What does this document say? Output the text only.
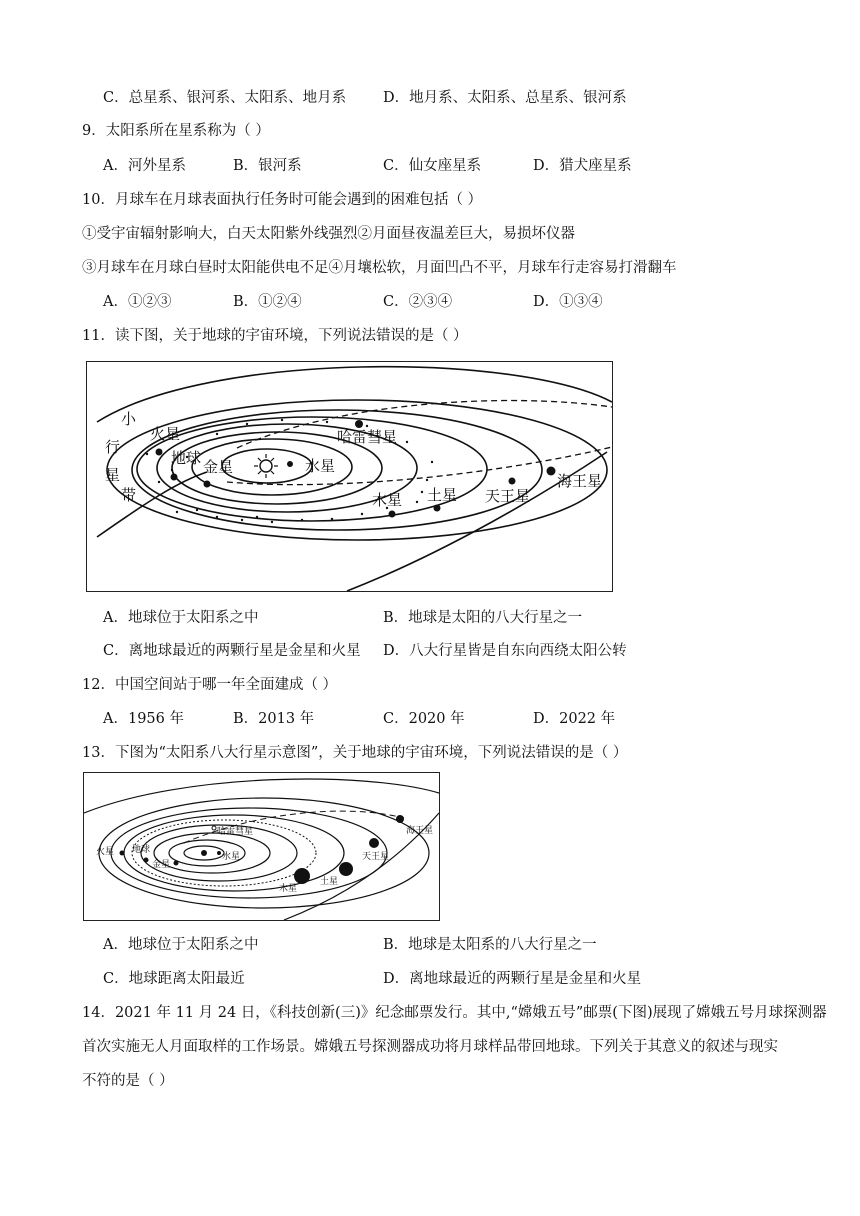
C．总星系、银河系、太阳系、地月系	D．地月系、太阳系、总星系、银河系
9．太阳系所在星系称为（ ）
A．河外星系	B．银河系	C．仙女座星系	D．猎犬座星系
10．月球车在月球表面执行任务时可能会遇到的困难包括（ ）
①受宇宙辐射影响大，白天太阳紫外线强烈②月面昼夜温差巨大，易损坏仪器
③月球车在月球白昼时太阳能供电不足④月壤松软，月面凹凸不平，月球车行走容易打滑翻车
A．①②③	B．①②④	C．②③④	D．①③④
11．读下图，关于地球的宇宙环境，下列说法错误的是（ ）
小
行
星
带
火星
地球 金星	水星
哈雷彗星
木星 土星 天王星
海王星
A．地球位于太阳系之中	B．地球是太阳的八大行星之一
C．离地球最近的两颗行星是金星和火星 D．八大行星皆是自东向西绕太阳公转
12．中国空间站于哪一年全面建成（ ）
A．1956 年	B．2013 年	C．2020 年	D．2022 年
13．下图为“太阳系八大行星示意图”，关于地球的宇宙环境，下列说法错误的是（ ）
哈雷彗星
火星 地球
金星
水星
木星
土星
天王星
海王星
A．地球位于太阳系之中	B．地球是太阳系的八大行星之一
C．地球距离太阳最近	D．离地球最近的两颗行星是金星和火星
14．2021 年 11 月 24 日，《科技创新(三)》纪念邮票发行。其中,“嫦娥五号”邮票(下图)展现了嫦娥五号月球探测器
首次实施无人月面取样的工作场景。嫦娥五号探测器成功将月球样品带回地球。下列关于其意义的叙述与现实
不符的是（ ）
